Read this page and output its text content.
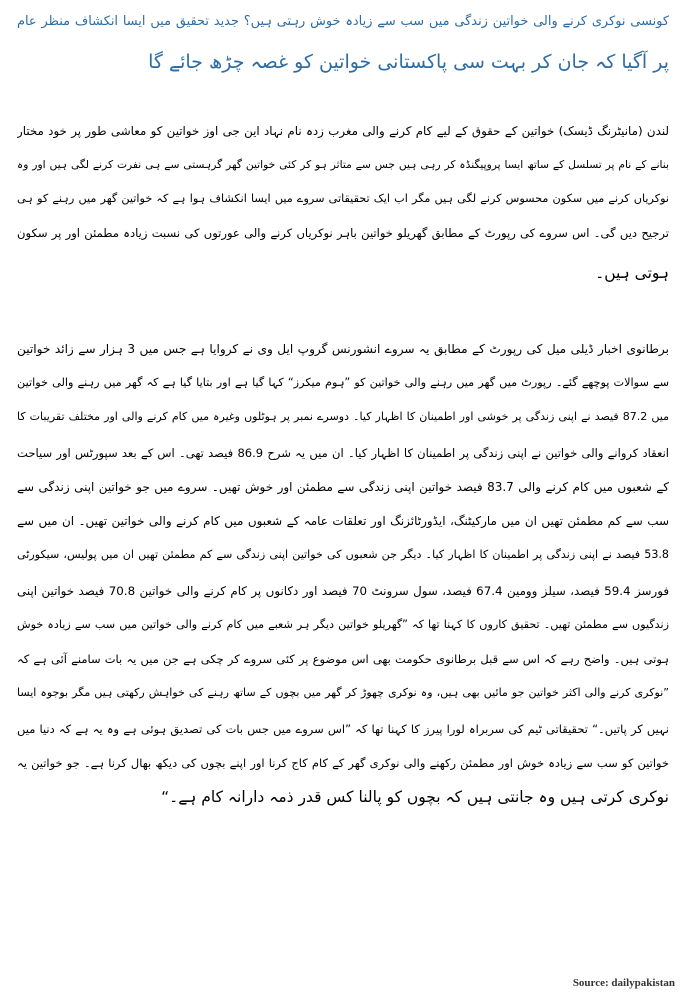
کونسی نوکری کرنے والی خواتین زندگی میں سب سے زیادہ خوش رہتی ہیں؟ جدید تحقیق میں ایسا انکشاف منظر عام
پر آگیا کہ جان کر بہت سی پاکستانی خواتین کو غصہ چڑھ جائے گا
لندن (مانیٹرنگ ڈیسک) خواتین کے حقوق کے لیے کام کرنے والی مغرب زدہ نام نہاد این جی اوز خواتین کو معاشی طور پر خود مختار
بنانے کے نام پر تسلسل کے ساتھ ایسا پروپیگنڈہ کر رہی ہیں جس سے متاثر ہو کر کئی خواتین گھر گرہستی سے ہی نفرت کرنے لگی ہیں اور وہ
نوکریاں کرنے میں سکون محسوس کرنے لگی ہیں مگر اب ایک تحقیقاتی سروے میں ایسا انکشاف ہوا ہے کہ خواتین گھر میں رہنے کو ہی
ترجیح دیں گی۔ اس سروے کی رپورٹ کے مطابق گھریلو خواتین باہر نوکریاں کرنے والی عورتوں کی نسبت زیادہ مطمئن اور پر سکون
ہوتی ہیں۔
برطانوی اخبار ڈیلی میل کی رپورٹ کے مطابق یہ سروے انشورنس گروپ ایل وی نے کروایا ہے جس میں 3 ہزار سے زائد خواتین
سے سوالات پوچھے گئے۔ رپورٹ میں گھر میں رہنے والی خواتین کو ”ہوم میکرز“ کہا گیا ہے اور بتایا گیا ہے کہ گھر میں رہنے والی خواتین
میں 87.2 فیصد نے اپنی زندگی پر خوشی اور اطمینان کا اظہار کیا۔ دوسرے نمبر پر ہوٹلوں وغیرہ میں کام کرنے والی اور مختلف تقریبات کا
انعقاد کروانے والی خواتین نے اپنی زندگی پر اطمینان کا اظہار کیا۔ ان میں یہ شرح 86.9 فیصد تھی۔ اس کے بعد سپورٹس اور سیاحت
کے شعبوں میں کام کرنے والی 83.7 فیصد خواتین اپنی زندگی سے مطمئن اور خوش تھیں۔ سروے میں جو خواتین اپنی زندگی سے
سب سے کم مطمئن تھیں ان میں مارکیٹنگ، ایڈورٹائزنگ اور تعلقات عامہ کے شعبوں میں کام کرنے والی خواتین تھیں۔ ان میں سے
53.8 فیصد نے اپنی زندگی پر اطمینان کا اظہار کیا۔ دیگر جن شعبوں کی خواتین اپنی زندگی سے کم مطمئن تھیں ان میں پولیس، سیکورٹی
فورسز 59.4 فیصد، سیلز وومین 67.4 فیصد، سول سرونٹ 70 فیصد اور دکانوں پر کام کرنے والی خواتین 70.8 فیصد خواتین اپنی
زندگیوں سے مطمئن تھیں۔ تحقیق کاروں کا کہنا تھا کہ ”گھریلو خواتین دیگر ہر شعبے میں کام کرنے والی خواتین میں سب سے زیادہ خوش
ہوتی ہیں۔ واضح رہے کہ اس سے قبل برطانوی حکومت بھی اس موضوع پر کئی سروے کر چکی ہے جن میں یہ بات سامنے آئی ہے کہ
”نوکری کرنے والی اکثر خواتین جو مائیں بھی ہیں، وہ نوکری چھوڑ کر گھر میں بچوں کے ساتھ رہنے کی خواہش رکھتی ہیں مگر بوجوہ ایسا
نہیں کر پاتیں۔“ تحقیقاتی ٹیم کی سربراہ لورا پیرز کا کہنا تھا کہ ”اس سروے میں جس بات کی تصدیق ہوئی ہے وہ یہ ہے کہ دنیا میں
خواتین کو سب سے زیادہ خوش اور مطمئن رکھنے والی نوکری گھر کے کام کاج کرنا اور اپنے بچوں کی دیکھ بھال کرنا ہے۔ جو خواتین یہ
نوکری کرتی ہیں وہ جانتی ہیں کہ بچوں کو پالنا کس قدر ذمہ دارانہ کام ہے۔“
Source: dailypakistan
